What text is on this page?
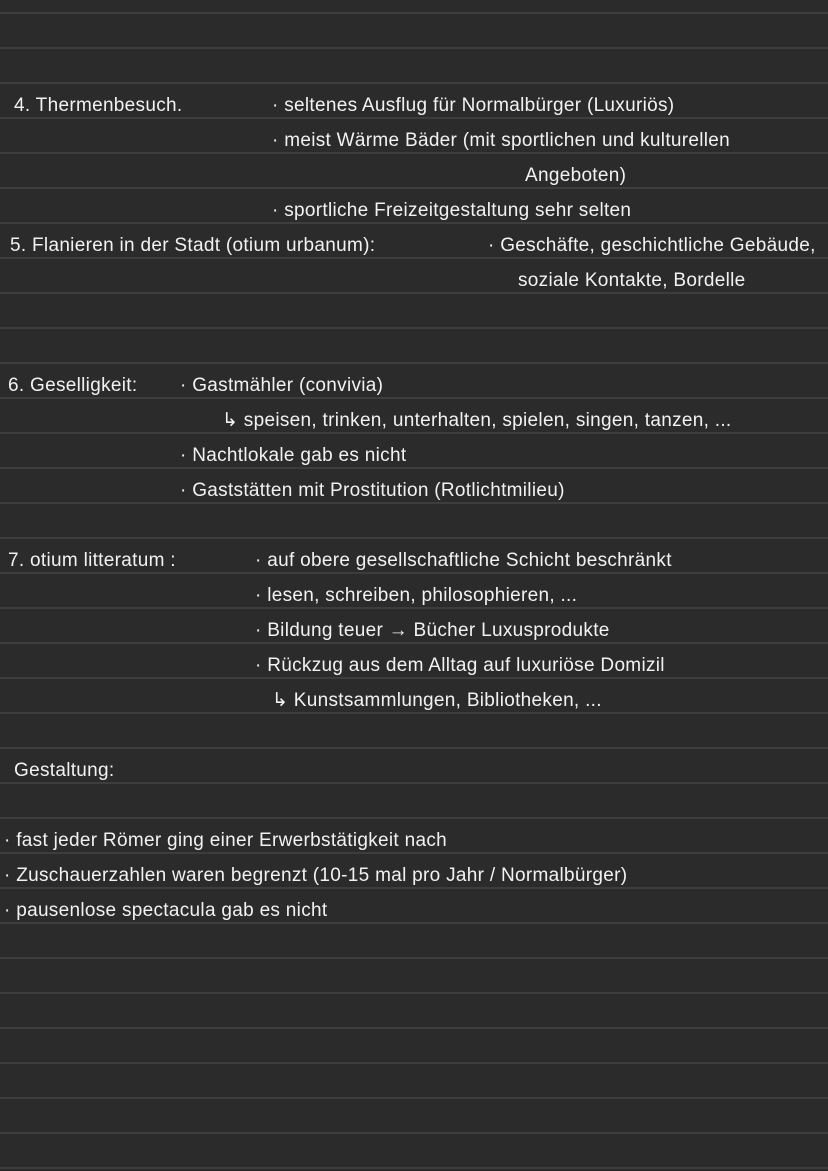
4. Thermenbesuch.	· seltenes Ausflug für Normalbürger (Luxuriös)
· meist Wärme Bäder (mit sportlichen und kulturellen
Angeboten)
· sportliche Freizeitgestaltung sehr selten
5. Flanieren in der Stadt (otium urbanum):	· Geschäfte, geschichtliche Gebäude,
soziale Kontakte, Bordelle
6. Geselligkeit: · Gastmähler (convivia)
↳ speisen, trinken, unterhalten, spielen, singen, tanzen, ...
· Nachtlokale gab es nicht
· Gaststätten mit Prostitution (Rotlichtmilieu)
7. otium litteratum :	· auf obere gesellschaftliche Schicht beschränkt
· lesen, schreiben, philosophieren, ...
· Bildung teuer → Bücher Luxusprodukte
· Rückzug aus dem Alltag auf luxuriöse Domizil
↳ Kunstsammlungen, Bibliotheken, ...
Gestaltung:
· fast jeder Römer ging einer Erwerbstätigkeit nach
· Zuschauerzahlen waren begrenzt (10-15 mal pro Jahr / Normalbürger)
· pausenlose spectacula gab es nicht
